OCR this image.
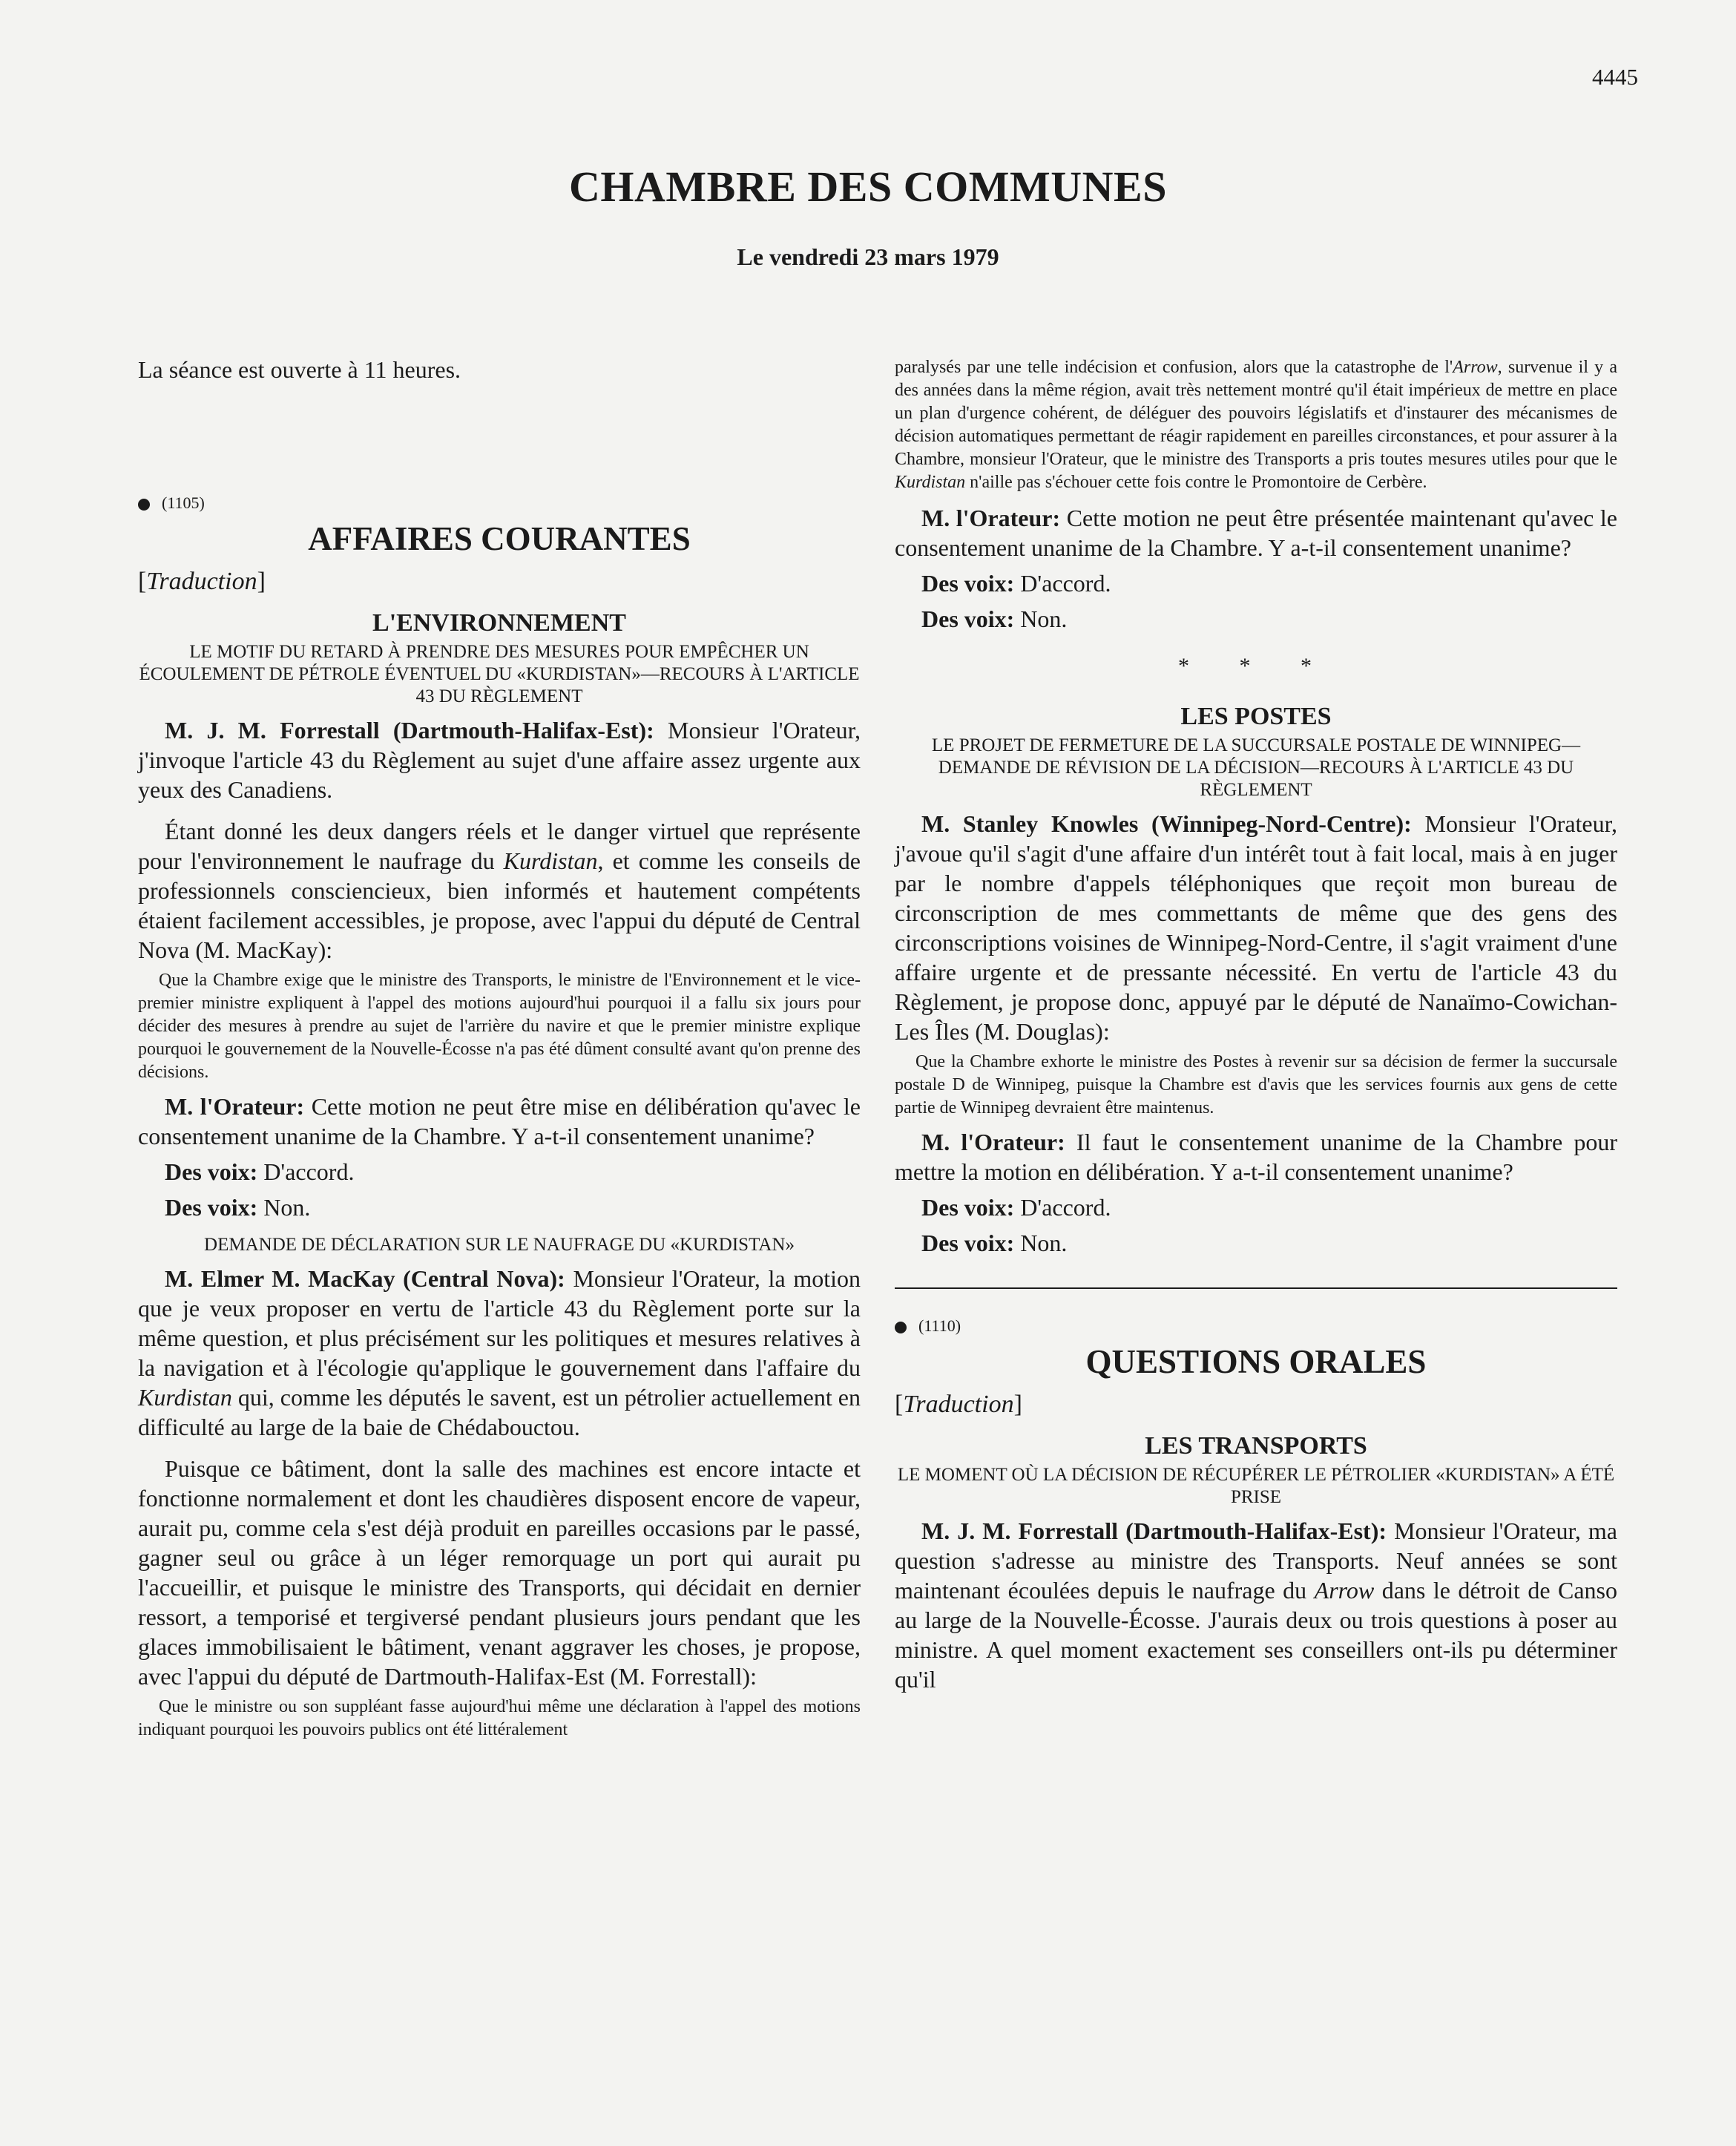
4445
CHAMBRE DES COMMUNES
Le vendredi 23 mars 1979

La séance est ouverte à 11 heures.

(1105)

AFFAIRES COURANTES

[Traduction]

L'ENVIRONNEMENT
LE MOTIF DU RETARD À PRENDRE DES MESURES POUR EMPÊCHER UN ÉCOULEMENT DE PÉTROLE ÉVENTUEL DU «KURDISTAN»—RECOURS À L'ARTICLE 43 DU RÈGLEMENT

M. J. M. Forrestall (Dartmouth-Halifax-Est): Monsieur l'Orateur, j'invoque l'article 43 du Règlement au sujet d'une affaire assez urgente aux yeux des Canadiens.

Étant donné les deux dangers réels et le danger virtuel que représente pour l'environnement le naufrage du Kurdistan, et comme les conseils de professionnels consciencieux, bien informés et hautement compétents étaient facilement accessibles, je propose, avec l'appui du député de Central Nova (M. MacKay):

Que la Chambre exige que le ministre des Transports, le ministre de l'Environnement et le vice-premier ministre expliquent à l'appel des motions aujourd'hui pourquoi il a fallu six jours pour décider des mesures à prendre au sujet de l'arrière du navire et que le premier ministre explique pourquoi le gouvernement de la Nouvelle-Écosse n'a pas été dûment consulté avant qu'on prenne des décisions.

M. l'Orateur: Cette motion ne peut être mise en délibération qu'avec le consentement unanime de la Chambre. Y a-t-il consentement unanime?

Des voix: D'accord.

Des voix: Non.

DEMANDE DE DÉCLARATION SUR LE NAUFRAGE DU «KURDISTAN»

M. Elmer M. MacKay (Central Nova): Monsieur l'Orateur, la motion que je veux proposer en vertu de l'article 43 du Règlement porte sur la même question, et plus précisément sur les politiques et mesures relatives à la navigation et à l'écologie qu'applique le gouvernement dans l'affaire du Kurdistan qui, comme les députés le savent, est un pétrolier actuellement en difficulté au large de la baie de Chédabouctou.

Puisque ce bâtiment, dont la salle des machines est encore intacte et fonctionne normalement et dont les chaudières disposent encore de vapeur, aurait pu, comme cela s'est déjà produit en pareilles occasions par le passé, gagner seul ou grâce à un léger remorquage un port qui aurait pu l'accueillir, et puisque le ministre des Transports, qui décidait en dernier ressort, a temporisé et tergiversé pendant plusieurs jours pendant que les glaces immobilisaient le bâtiment, venant aggraver les choses, je propose, avec l'appui du député de Dartmouth-Halifax-Est (M. Forrestall):

Que le ministre ou son suppléant fasse aujourd'hui même une déclaration à l'appel des motions indiquant pourquoi les pouvoirs publics ont été littéralement

paralysés par une telle indécision et confusion, alors que la catastrophe de l'Arrow, survenue il y a des années dans la même région, avait très nettement montré qu'il était impérieux de mettre en place un plan d'urgence cohérent, de déléguer des pouvoirs législatifs et d'instaurer des mécanismes de décision automatiques permettant de réagir rapidement en pareilles circonstances, et pour assurer à la Chambre, monsieur l'Orateur, que le ministre des Transports a pris toutes mesures utiles pour que le Kurdistan n'aille pas s'échouer cette fois contre le Promontoire de Cerbère.

M. l'Orateur: Cette motion ne peut être présentée maintenant qu'avec le consentement unanime de la Chambre. Y a-t-il consentement unanime?

Des voix: D'accord.

Des voix: Non.

* * *
LES POSTES
LE PROJET DE FERMETURE DE LA SUCCURSALE POSTALE DE WINNIPEG—DEMANDE DE RÉVISION DE LA DÉCISION—RECOURS À L'ARTICLE 43 DU RÈGLEMENT

M. Stanley Knowles (Winnipeg-Nord-Centre): Monsieur l'Orateur, j'avoue qu'il s'agit d'une affaire d'un intérêt tout à fait local, mais à en juger par le nombre d'appels téléphoniques que reçoit mon bureau de circonscription de mes commettants de même que des gens des circonscriptions voisines de Winnipeg-Nord-Centre, il s'agit vraiment d'une affaire urgente et de pressante nécessité. En vertu de l'article 43 du Règlement, je propose donc, appuyé par le député de Nanaïmo-Cowichan-Les Îles (M. Douglas):

Que la Chambre exhorte le ministre des Postes à revenir sur sa décision de fermer la succursale postale D de Winnipeg, puisque la Chambre est d'avis que les services fournis aux gens de cette partie de Winnipeg devraient être maintenus.

M. l'Orateur: Il faut le consentement unanime de la Chambre pour mettre la motion en délibération. Y a-t-il consentement unanime?

Des voix: D'accord.

Des voix: Non.

(1110)

QUESTIONS ORALES

[Traduction]

LES TRANSPORTS
LE MOMENT OÙ LA DÉCISION DE RÉCUPÉRER LE PÉTROLIER «KURDISTAN» A ÉTÉ PRISE

M. J. M. Forrestall (Dartmouth-Halifax-Est): Monsieur l'Orateur, ma question s'adresse au ministre des Transports. Neuf années se sont maintenant écoulées depuis le naufrage du Arrow dans le détroit de Canso au large de la Nouvelle-Écosse. J'aurais deux ou trois questions à poser au ministre. A quel moment exactement ses conseillers ont-ils pu déterminer qu'il
